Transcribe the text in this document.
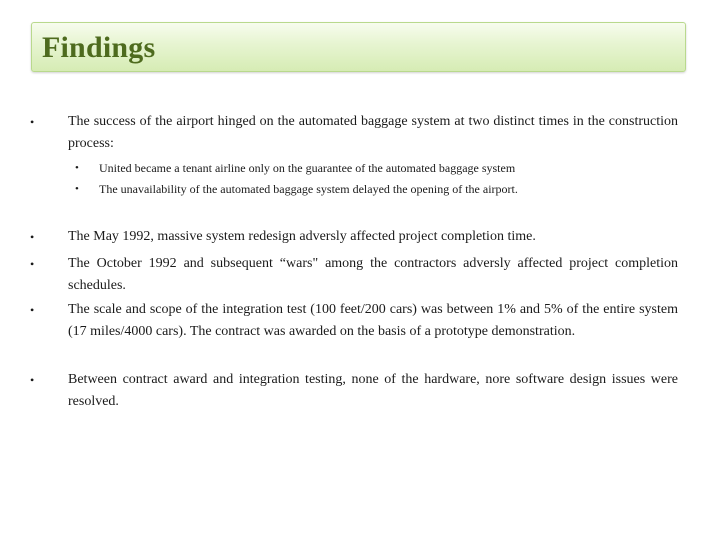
Findings
•	The success of the airport hinged on the automated baggage system at two distinct times in the construction process:
•	United became a tenant airline only on the guarantee of the automated baggage system
•	The unavailability of the automated baggage system delayed the opening of the airport.
•	The May 1992, massive system redesign adversly affected project completion time.
•	The October 1992 and subsequent “wars" among the contractors adversly affected project completion schedules.
•	The scale and scope of the integration test (100 feet/200 cars) was between 1% and 5% of the entire system (17 miles/4000 cars). The contract was awarded on the basis of a prototype demonstration.
•	Between contract award and integration testing, none of the hardware, nore software design issues were resolved.
